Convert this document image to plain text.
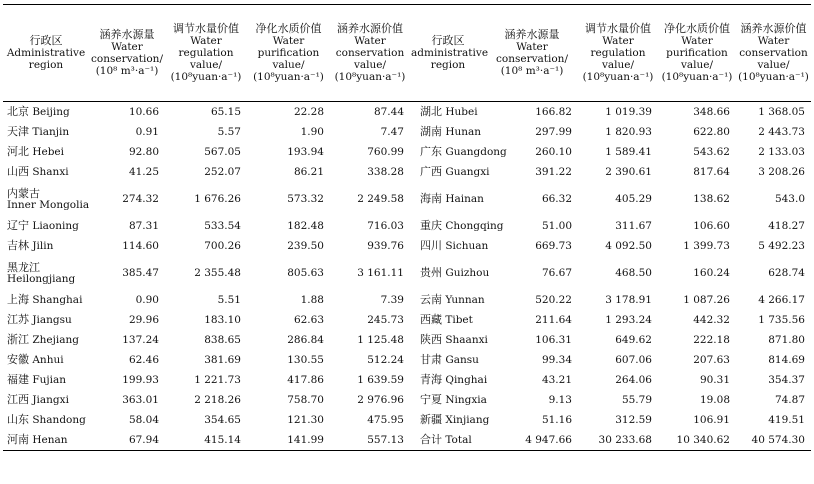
行政区
Administrative region	涵养水源量
Water
conservation/
(10⁸ m³·a⁻¹)	调节水量价值
Water
regulation
value/
(10⁸yuan·a⁻¹)	净化水质价值
Water
purification
value/
(10⁸yuan·a⁻¹)	涵养水源价值
Water
conservation
value/
(10⁸yuan·a⁻¹)	行政区
administrative region	涵养水源量
Water
conservation/
(10⁸ m³·a⁻¹)	调节水量价值
Water
regulation
value/
(10⁸yuan·a⁻¹)	净化水质价值
Water
purification
value/
(10⁸yuan·a⁻¹)	涵养水源价值
Water
conservation
value/
(10⁸yuan·a⁻¹)
北京 Beijing	10.66	65.15	22.28	87.44	湖北 Hubei	166.82	1 019.39	348.66	1 368.05
天津 Tianjin	0.91	5.57	1.90	7.47	湖南 Hunan	297.99	1 820.93	622.80	2 443.73
河北 Hebei	92.80	567.05	193.94	760.99	广东 Guangdong	260.10	1 589.41	543.62	2 133.03
山西 Shanxi	41.25	252.07	86.21	338.28	广西 Guangxi	391.22	2 390.61	817.64	3 208.26
内蒙古
Inner Mongolia	274.32	1 676.26	573.32	2 249.58	海南 Hainan	66.32	405.29	138.62	543.0
辽宁 Liaoning	87.31	533.54	182.48	716.03	重庆 Chongqing	51.00	311.67	106.60	418.27
吉林 Jilin	114.60	700.26	239.50	939.76	四川 Sichuan	669.73	4 092.50	1 399.73	5 492.23
黑龙江
Heilongjiang	385.47	2 355.48	805.63	3 161.11	贵州 Guizhou	76.67	468.50	160.24	628.74
上海 Shanghai	0.90	5.51	1.88	7.39	云南 Yunnan	520.22	3 178.91	1 087.26	4 266.17
江苏 Jiangsu	29.96	183.10	62.63	245.73	西藏 Tibet	211.64	1 293.24	442.32	1 735.56
浙江 Zhejiang	137.24	838.65	286.84	1 125.48	陕西 Shaanxi	106.31	649.62	222.18	871.80
安徽 Anhui	62.46	381.69	130.55	512.24	甘肃 Gansu	99.34	607.06	207.63	814.69
福建 Fujian	199.93	1 221.73	417.86	1 639.59	青海 Qinghai	43.21	264.06	90.31	354.37
江西 Jiangxi	363.01	2 218.26	758.70	2 976.96	宁夏 Ningxia	9.13	55.79	19.08	74.87
山东 Shandong	58.04	354.65	121.30	475.95	新疆 Xinjiang	51.16	312.59	106.91	419.51
河南 Henan	67.94	415.14	141.99	557.13	合计 Total	4 947.66	30 233.68	10 340.62	40 574.30
